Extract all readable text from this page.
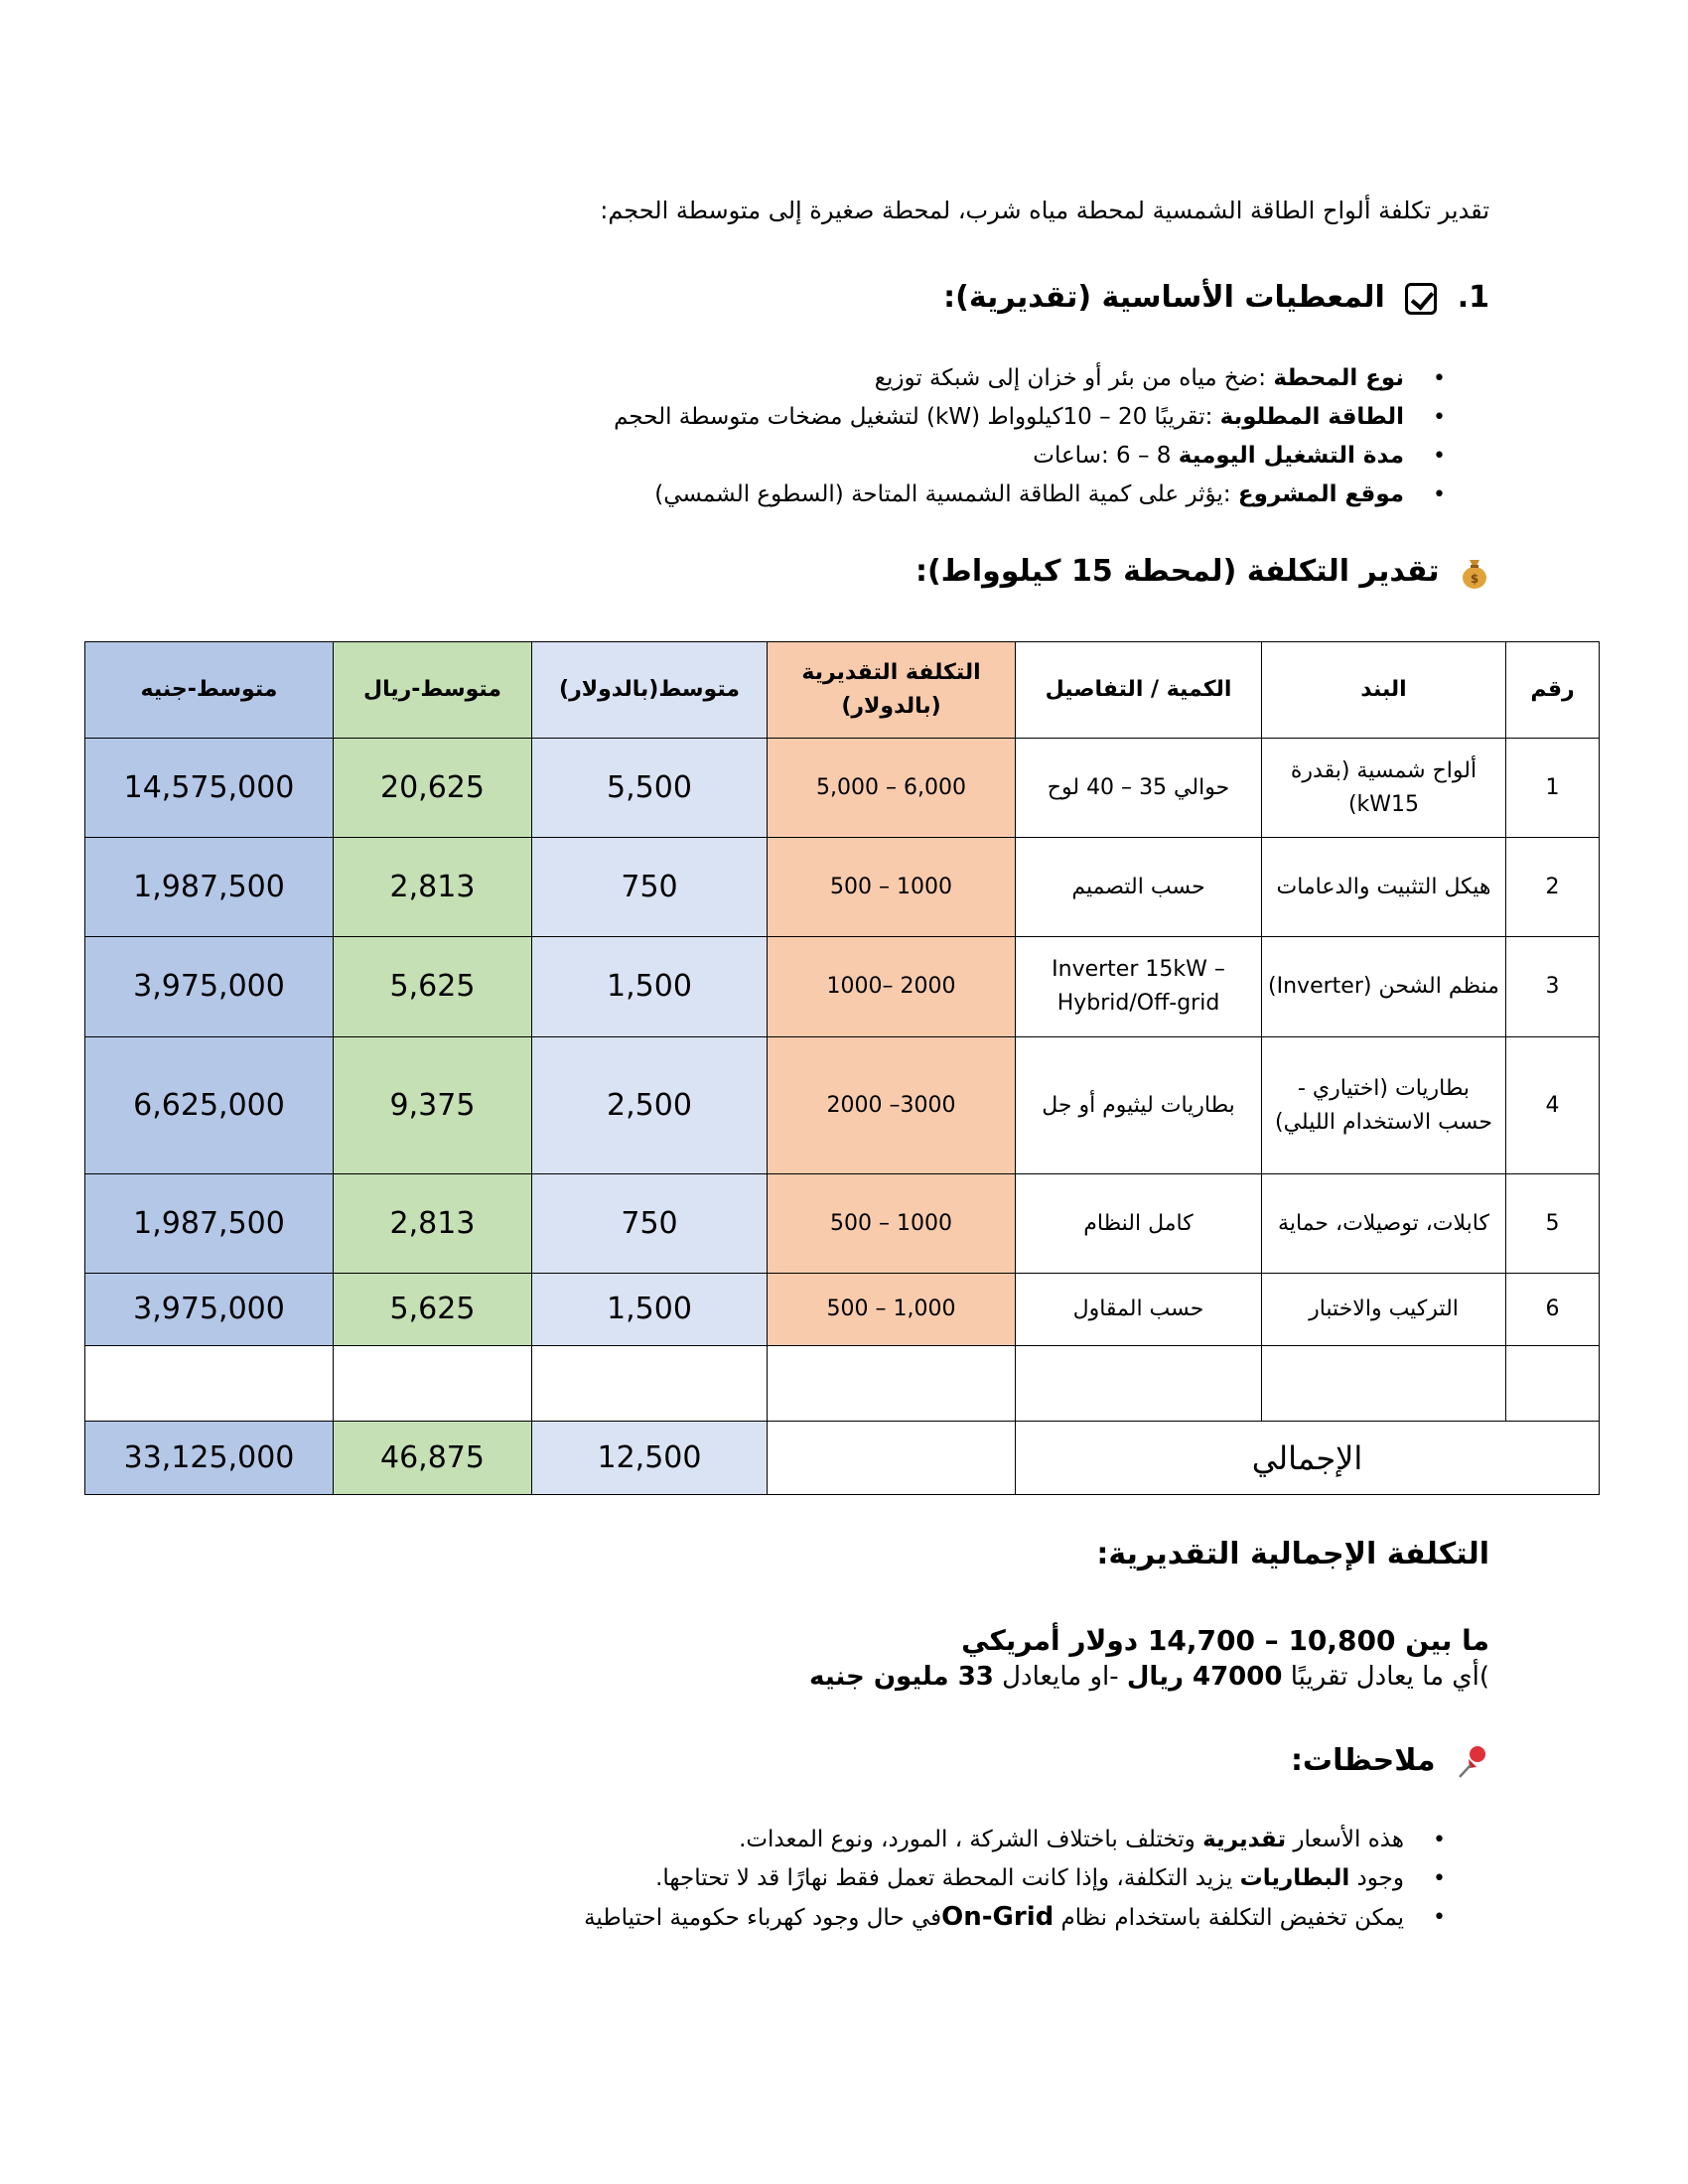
تقدير تكلفة ألواح الطاقة الشمسية لمحطة مياه شرب، لمحطة صغيرة إلى متوسطة الحجم:
1.  المعطيات الأساسية (تقديرية):
• نوع المحطة :ضخ مياه من بئر أو خزان إلى شبكة توزيع
• الطاقة المطلوبة :تقريبًا 20 – 10كيلوواط (kW) لتشغيل مضخات متوسطة الحجم
• مدة التشغيل اليومية 8 – 6 :ساعات
• موقع المشروع :يؤثر على كمية الطاقة الشمسية المتاحة (السطوع الشمسي)
$
تقدير التكلفة (لمحطة 15 كيلوواط):
رقم	البند	الكمية / التفاصيل	التكلفة التقديرية (بالدولار)	متوسط(بالدولار)	متوسط-ريال	متوسط-جنيه
1	ألواح شمسية (بقدرة kW15)	حوالي 35 – 40 لوح	6,000 – 5,000	5,500	20,625	14,575,000
2	هيكل التثبيت والدعامات	حسب التصميم	1000 – 500	750	2,813	1,987,500
3	منظم الشحن (Inverter)	Inverter 15kW – Hybrid/Off-grid	2000 –1000	1,500	5,625	3,975,000
4	بطاريات (اختياري - حسب الاستخدام الليلي)	بطاريات ليثيوم أو جل	3000– 2000	2,500	9,375	6,625,000
5	كابلات، توصيلات، حماية	كامل النظام	1000 – 500	750	2,813	1,987,500
6	التركيب والاختبار	حسب المقاول	1,000 – 500	1,500	5,625	3,975,000

الإجمالي				12,500	46,875	33,125,000
التكلفة الإجمالية التقديرية:
ما بين 10,800 – 14,700 دولار أمريكي
)أي ما يعادل تقريبًا 47000 ريال -او مايعادل 33 مليون جنيه
ملاحظات:
• هذه الأسعار تقديرية وتختلف باختلاف الشركة ، المورد، ونوع المعدات.
• وجود البطاريات يزيد التكلفة، وإذا كانت المحطة تعمل فقط نهارًا قد لا تحتاجها.
• يمكن تخفيض التكلفة باستخدام نظام On-Gridفي حال وجود كهرباء حكومية احتياطية
